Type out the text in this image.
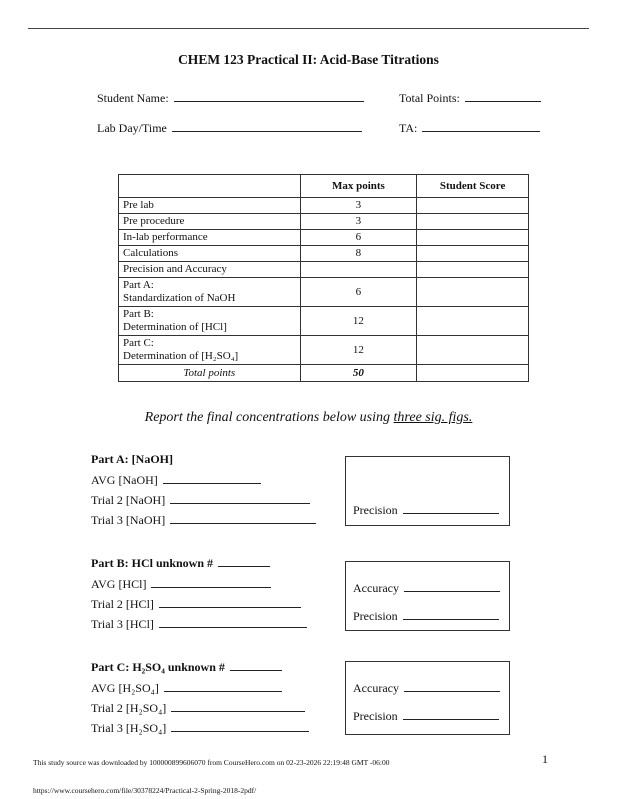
CHEM 123 Practical II: Acid-Base Titrations
Student Name:	Total Points:
Lab Day/Time	TA:
	Max points	Student Score

Pre lab	3	

Pre procedure	3	

In-lab performance	6	

Calculations	8	

Precision and Accuracy		

Part A:
Standardization of NaOH	6	

Part B:
Determination of [HCl]	12	

Part C:
Determination of [H₂SO₄]	12	
Total points	50	
Report the final concentrations below using three sig. figs.
Part A: [NaOH]
AVG [NaOH]
Trial 2 [NaOH]
Trial 3 [NaOH]
Precision
Part B: HCl unknown #
AVG [HCl]
Trial 2 [HCl]
Trial 3 [HCl]
Accuracy
Precision
Part C: H₂SO₄ unknown #
AVG [H₂SO₄]
Trial 2 [H₂SO₄]
Trial 3 [H₂SO₄]
Accuracy
Precision
1
This study source was downloaded by 100000899606070 from CourseHero.com on 02-23-2026 22:19:48 GMT -06:00
https://www.coursehero.com/file/30378224/Practical-2-Spring-2018-2pdf/
